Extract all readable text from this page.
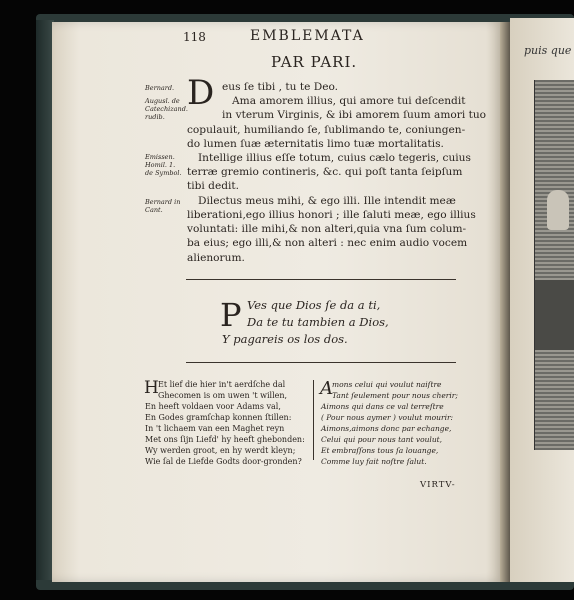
puis que
118	EMBLEMATA
PAR PARI.
Bernard.
Augusl. de Catechizand. rudib.
Emissen. Homil. 1. de Symbol.
Bernard in Cant.
D eus ſe tibi , tu te Deo.
Ama amorem illius, qui amore tui deſcendit
in vterum Virginis, & ibi amorem ſuum amori tuo
copulauit, humiliando ſe, ſublimando te, coniungen-
do lumen ſuæ æternitatis limo tuæ mortalitatis.
Intellige illius eſſe totum, cuius cælo tegeris, cuius
terræ gremio contineris, &c. qui poſt tanta ſeipſum
tibi dedit.
Dilectus meus mihi, & ego illi. Ille intendit meæ
liberationi,ego illius honori ; ille ſaluti meæ, ego illius
voluntati: ille mihi,& non alteri,quia vna ſum colum-
ba eius; ego illi,& non alteri : nec enim audio vocem
alienorum.
P Ves que Dios ſe da a ti,
Da te tu tambien a Dios,
Y pagareis os los dos.
H Et lief die hier in't aerdſche dal
Ghecomen is om uwen 't willen,
En heeft voldaen voor Adams val,
En Godes gramſchap konnen ſtillen:
In 't lichaem van een Maghet reyn
Met ons ſijn Liefd' hy heeft ghebonden:
Wy werden groot, en hy werdt kleyn;
Wie ſal de Liefde Godts door-gronden?
A mons celui qui voulut naiſtre
Tant ſeulement pour nous cherir;
Aimons qui dans ce val terreſtre
( Pour nous aymer ) voulut mourir:
Aimons,aimons donc par echange,
Celui qui pour nous tant voulut,
Et embraſſons tous ſa louange,
Comme luy fait noſtre ſalut.
VIRTV-
